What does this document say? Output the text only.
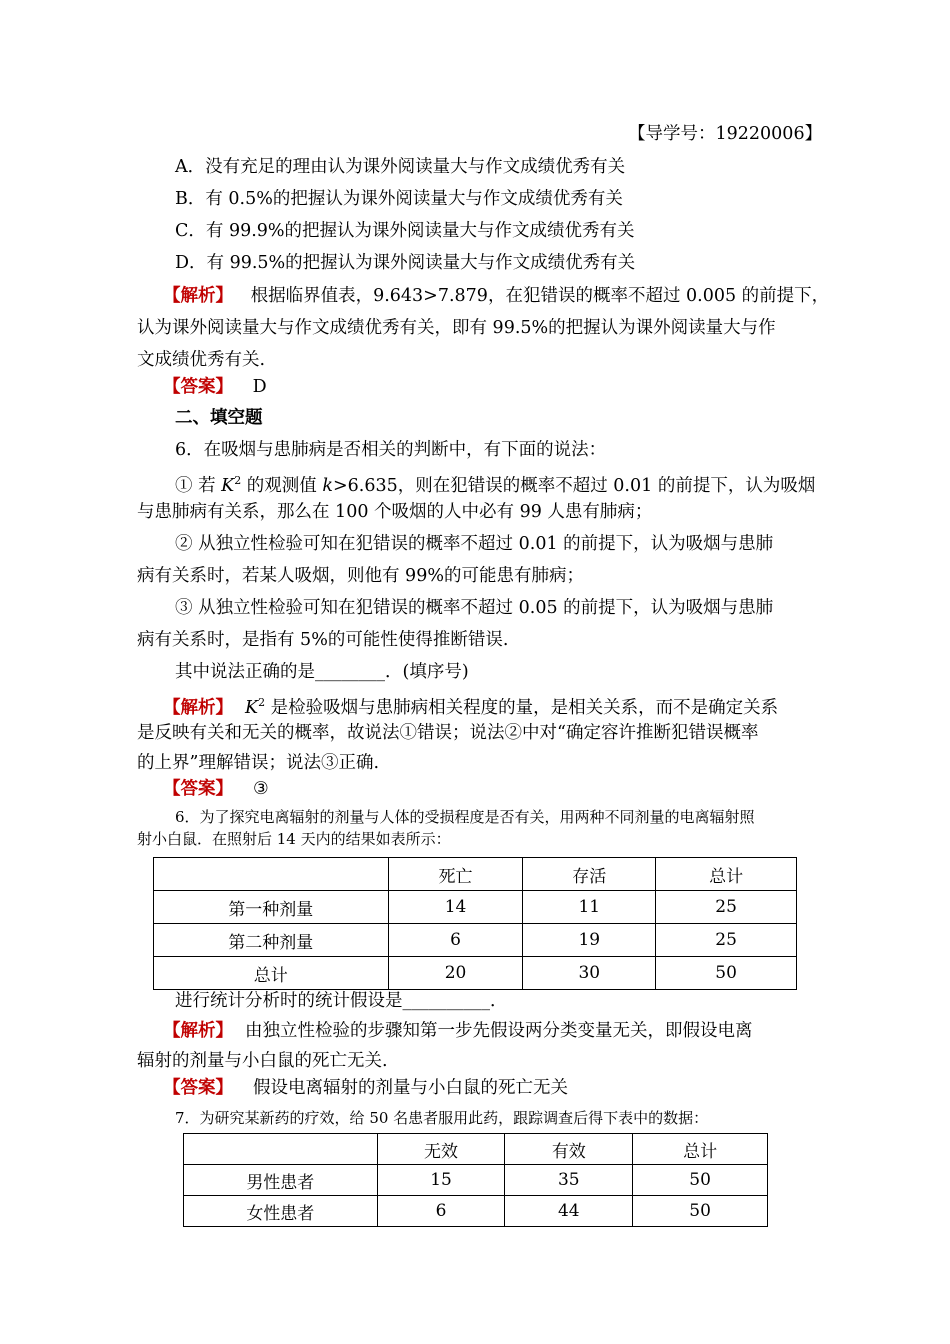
【导学号：19220006】
A．没有充足的理由认为课外阅读量大与作文成绩优秀有关
B．有 0.5%的把握认为课外阅读量大与作文成绩优秀有关
C．有 99.9%的把握认为课外阅读量大与作文成绩优秀有关
D．有 99.5%的把握认为课外阅读量大与作文成绩优秀有关
【解析】 根据临界值表，9.643>7.879，在犯错误的概率不超过 0.005 的前提下，
认为课外阅读量大与作文成绩优秀有关，即有 99.5%的把握认为课外阅读量大与作
文成绩优秀有关.
【答案】 D
二、填空题
6．在吸烟与患肺病是否相关的判断中，有下面的说法：
① 若 $K^2$ 的观测值 k>6.635，则在犯错误的概率不超过 0.01 的前提下，认为吸烟
与患肺病有关系，那么在 100 个吸烟的人中必有 99 人患有肺病；
② 从独立性检验可知在犯错误的概率不超过 0.01 的前提下，认为吸烟与患肺
病有关系时，若某人吸烟，则他有 99%的可能患有肺病；
③ 从独立性检验可知在犯错误的概率不超过 0.05 的前提下，认为吸烟与患肺
病有关系时，是指有 5%的可能性使得推断错误.
其中说法正确的是________．(填序号)
【解析】 $K^2$ 是检验吸烟与患肺病相关程度的量，是相关关系，而不是确定关系
是反映有关和无关的概率，故说法①错误；说法②中对“确定容许推断犯错误概率
的上界”理解错误；说法③正确.
【答案】 ③
6．为了探究电离辐射的剂量与人体的受损程度是否有关，用两种不同剂量的电离辐射照
射小白鼠．在照射后 14 天内的结果如表所示：
	死亡	存活	总计
第一种剂量	14	11	25
第二种剂量	6	19	25
总计	20	30	50
进行统计分析时的统计假设是__________．
【解析】 由独立性检验的步骤知第一步先假设两分类变量无关，即假设电离
辐射的剂量与小白鼠的死亡无关.
【答案】 假设电离辐射的剂量与小白鼠的死亡无关
7．为研究某新药的疗效，给 50 名患者服用此药，跟踪调查后得下表中的数据：
	无效	有效	总计
男性患者	15	35	50
女性患者	6	44	50
